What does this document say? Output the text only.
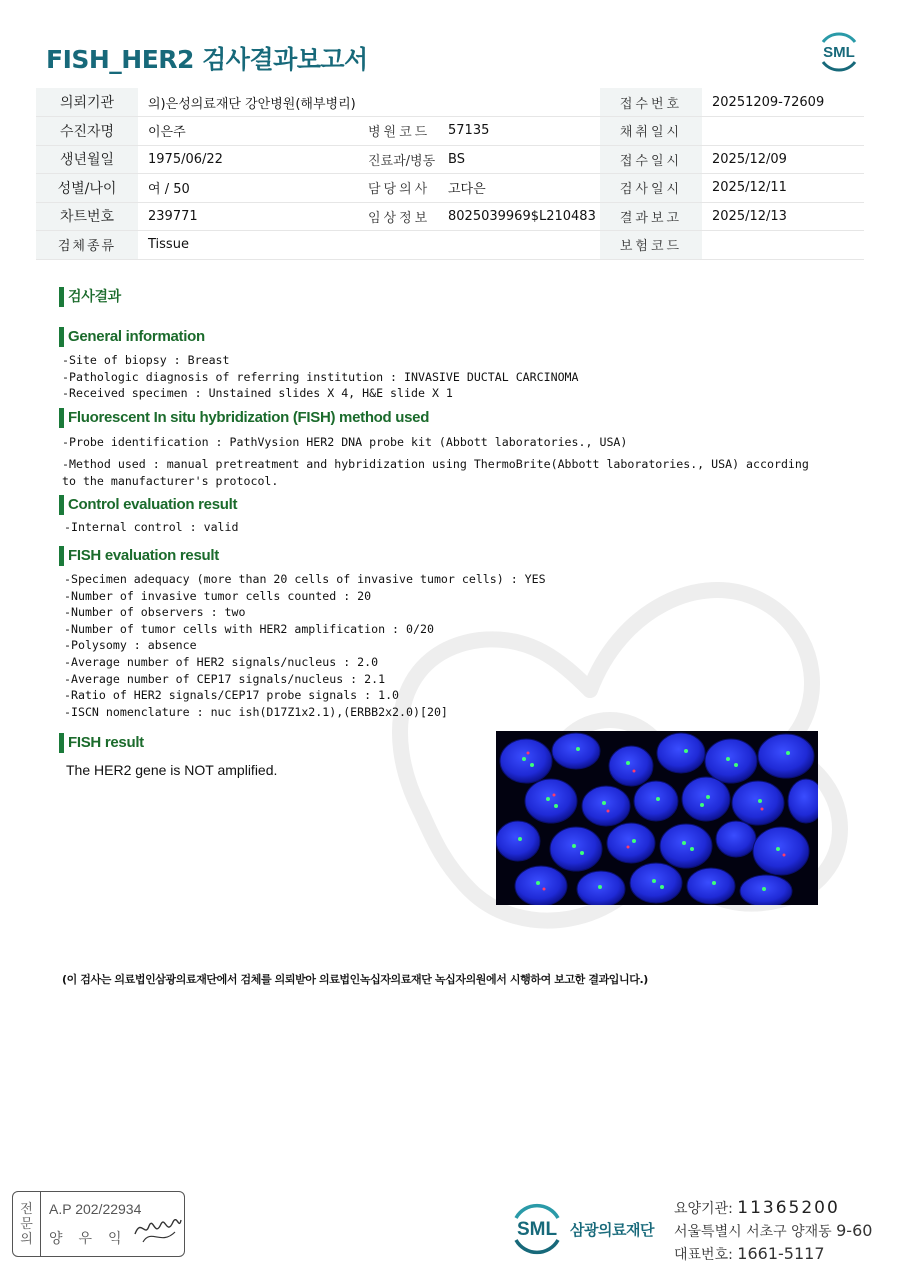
FISH_HER2 검사결과보고서	SML
의뢰기관	의)은성의료재단 강안병원(해부병리)			접수번호	20251209-72609
수진자명	이은주	병원코드	57135	채취일시	
생년월일	1975/06/22	진료과/병동	BS	접수일시	2025/12/09
성별/나이	여 / 50	담당의사	고다은	검사일시	2025/12/11
차트번호	239771	임상정보	8025039969$L210483	결과보고	2025/12/13
검체종류	Tissue			보험코드	
검사결과
General information
-Site of biopsy : Breast
-Pathologic diagnosis of referring institution : INVASIVE DUCTAL CARCINOMA
-Received specimen : Unstained slides X 4, H&E slide X 1
Fluorescent In situ hybridization (FISH) method used
-Probe identification : PathVysion HER2 DNA probe kit (Abbott laboratories., USA)
-Method used : manual pretreatment and hybridization using ThermoBrite(Abbott laboratories., USA) according
to the manufacturer's protocol.
Control evaluation result
-Internal control : valid
FISH evaluation result
-Specimen adequacy (more than 20 cells of invasive tumor cells) : YES
-Number of invasive tumor cells counted : 20
-Number of observers : two
-Number of tumor cells with HER2 amplification : 0/20
-Polysomy : absence
-Average number of HER2 signals/nucleus : 2.0
-Average number of CEP17 signals/nucleus : 2.1
-Ratio of HER2 signals/CEP17 probe signals : 1.0
-ISCN nomenclature : nuc ish(D17Z1x2.1),(ERBB2x2.0)[20]
FISH result
The HER2 gene is NOT amplified.
(이 검사는 의료법인삼광의료재단에서 검체를 의뢰받아 의료법인녹십자의료재단 녹십자의원에서 시행하여 보고한 결과입니다.)
전
문
의
A.P 202/22934
양우익	SML 삼광의료재단
요양기관: 11365200
서울특별시 서초구 양재동 9-60
대표번호: 1661-5117
